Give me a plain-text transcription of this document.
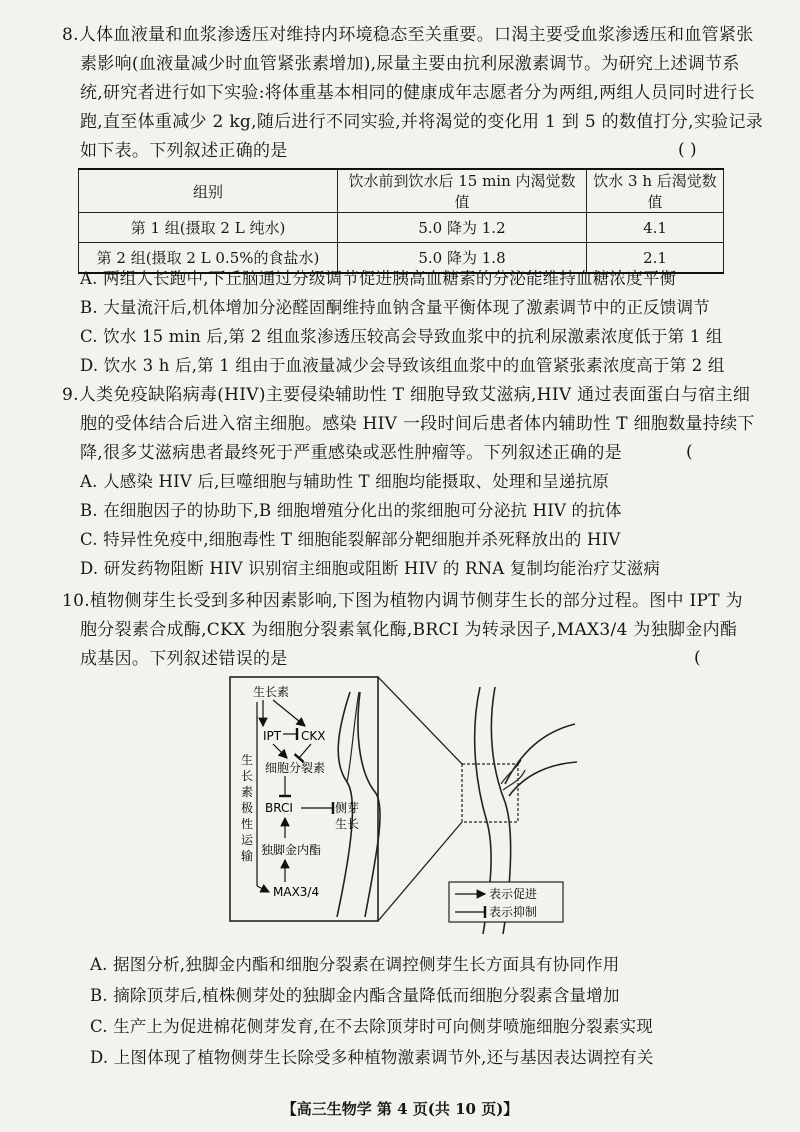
8.人体血液量和血浆渗透压对维持内环境稳态至关重要。口渴主要受血浆渗透压和血管紧张
素影响(血液量减少时血管紧张素增加),尿量主要由抗利尿激素调节。为研究上述调节系
统,研究者进行如下实验:将体重基本相同的健康成年志愿者分为两组,两组人员同时进行长
跑,直至体重减少 2 kg,随后进行不同实验,并将渴觉的变化用 1 到 5 的数值打分,实验记录
如下表。下列叙述正确的是	( )
组别	饮水前到饮水后 15 min 内渴觉数值	饮水 3 h 后渴觉数值
第 1 组(摄取 2 L 纯水)	5.0 降为 1.2	4.1
第 2 组(摄取 2 L 0.5%的食盐水)	5.0 降为 1.8	2.1
A. 两组人长跑中,下丘脑通过分级调节促进胰高血糖素的分泌能维持血糖浓度平衡
B. 大量流汗后,机体增加分泌醛固酮维持血钠含量平衡体现了激素调节中的正反馈调节
C. 饮水 15 min 后,第 2 组血浆渗透压较高会导致血浆中的抗利尿激素浓度低于第 1 组
D. 饮水 3 h 后,第 1 组由于血液量减少会导致该组血浆中的血管紧张素浓度高于第 2 组
9.人类免疫缺陷病毒(HIV)主要侵染辅助性 T 细胞导致艾滋病,HIV 通过表面蛋白与宿主细
胞的受体结合后进入宿主细胞。感染 HIV 一段时间后患者体内辅助性 T 细胞数量持续下
降,很多艾滋病患者最终死于严重感染或恶性肿瘤等。下列叙述正确的是	(
A. 人感染 HIV 后,巨噬细胞与辅助性 T 细胞均能摄取、处理和呈递抗原
B. 在细胞因子的协助下,B 细胞增殖分化出的浆细胞可分泌抗 HIV 的抗体
C. 特异性免疫中,细胞毒性 T 细胞能裂解部分靶细胞并杀死释放出的 HIV
D. 研发药物阻断 HIV 识别宿主细胞或阻断 HIV 的 RNA 复制均能治疗艾滋病
10.植物侧芽生长受到多种因素影响,下图为植物内调节侧芽生长的部分过程。图中 IPT 为
胞分裂素合成酶,CKX 为细胞分裂素氧化酶,BRCI 为转录因子,MAX3/4 为独脚金内酯
成基因。下列叙述错误的是	(
生长素
IPT CKX
细胞分裂素
BRCI	侧芽
生长
独脚金内酯
MAX3/4
生
长
素
极
性
运
输
表示促进
表示抑制
A. 据图分析,独脚金内酯和细胞分裂素在调控侧芽生长方面具有协同作用
B. 摘除顶芽后,植株侧芽处的独脚金内酯含量降低而细胞分裂素含量增加
C. 生产上为促进棉花侧芽发育,在不去除顶芽时可向侧芽喷施细胞分裂素实现
D. 上图体现了植物侧芽生长除受多种植物激素调节外,还与基因表达调控有关
【高三生物学 第 4 页(共 10 页)】
